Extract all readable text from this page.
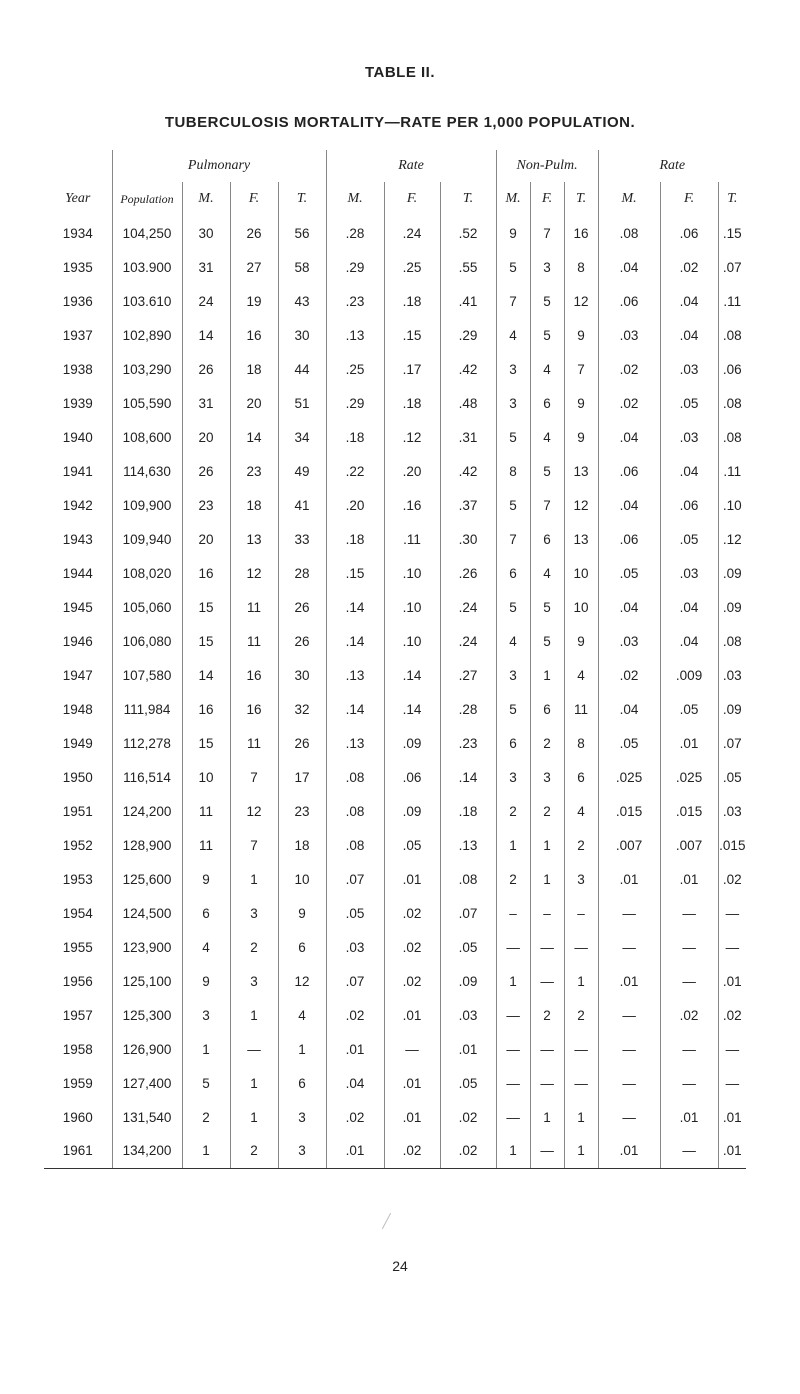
TABLE II.
TUBERCULOSIS MORTALITY—RATE PER 1,000 POPULATION.
	Pulmonary				Rate			Non-Pulm.			Rate		
Year	Population	M.	F.	T.	M.	F.	T.	M.	F.	T.	M.	F.	T.
1934	104,250	30	26	56	.28	.24	.52	9	7	16	.08	.06	.15
1935	103.900	31	27	58	.29	.25	.55	5	3	8	.04	.02	.07
1936	103.610	24	19	43	.23	.18	.41	7	5	12	.06	.04	.11
1937	102,890	14	16	30	.13	.15	.29	4	5	9	.03	.04	.08
1938	103,290	26	18	44	.25	.17	.42	3	4	7	.02	.03	.06
1939	105,590	31	20	51	.29	.18	.48	3	6	9	.02	.05	.08
1940	108,600	20	14	34	.18	.12	.31	5	4	9	.04	.03	.08
1941	114,630	26	23	49	.22	.20	.42	8	5	13	.06	.04	.11
1942	109,900	23	18	41	.20	.16	.37	5	7	12	.04	.06	.10
1943	109,940	20	13	33	.18	.11	.30	7	6	13	.06	.05	.12
1944	108,020	16	12	28	.15	.10	.26	6	4	10	.05	.03	.09
1945	105,060	15	11	26	.14	.10	.24	5	5	10	.04	.04	.09
1946	106,080	15	11	26	.14	.10	.24	4	5	9	.03	.04	.08
1947	107,580	14	16	30	.13	.14	.27	3	1	4	.02	.009	.03
1948	111,984	16	16	32	.14	.14	.28	5	6	11	.04	.05	.09
1949	112,278	15	11	26	.13	.09	.23	6	2	8	.05	.01	.07
1950	116,514	10	7	17	.08	.06	.14	3	3	6	.025	.025	.05
1951	124,200	11	12	23	.08	.09	.18	2	2	4	.015	.015	.03
1952	128,900	11	7	18	.08	.05	.13	1	1	2	.007	.007	.015
1953	125,600	9	1	10	.07	.01	.08	2	1	3	.01	.01	.02
1954	124,500	6	3	9	.05	.02	.07	–	–	–	—	—	—
1955	123,900	4	2	6	.03	.02	.05	—	—	—	—	—	—
1956	125,100	9	3	12	.07	.02	.09	1	—	1	.01	—	.01
1957	125,300	3	1	4	.02	.01	.03	—	2	2	—	.02	.02
1958	126,900	1	—	1	.01	—	.01	—	—	—	—	—	—
1959	127,400	5	1	6	.04	.01	.05	—	—	—	—	—	—
1960	131,540	2	1	3	.02	.01	.02	—	1	1	—	.01	.01
1961	134,200	1	2	3	.01	.02	.02	1	—	1	.01	—	.01
24
